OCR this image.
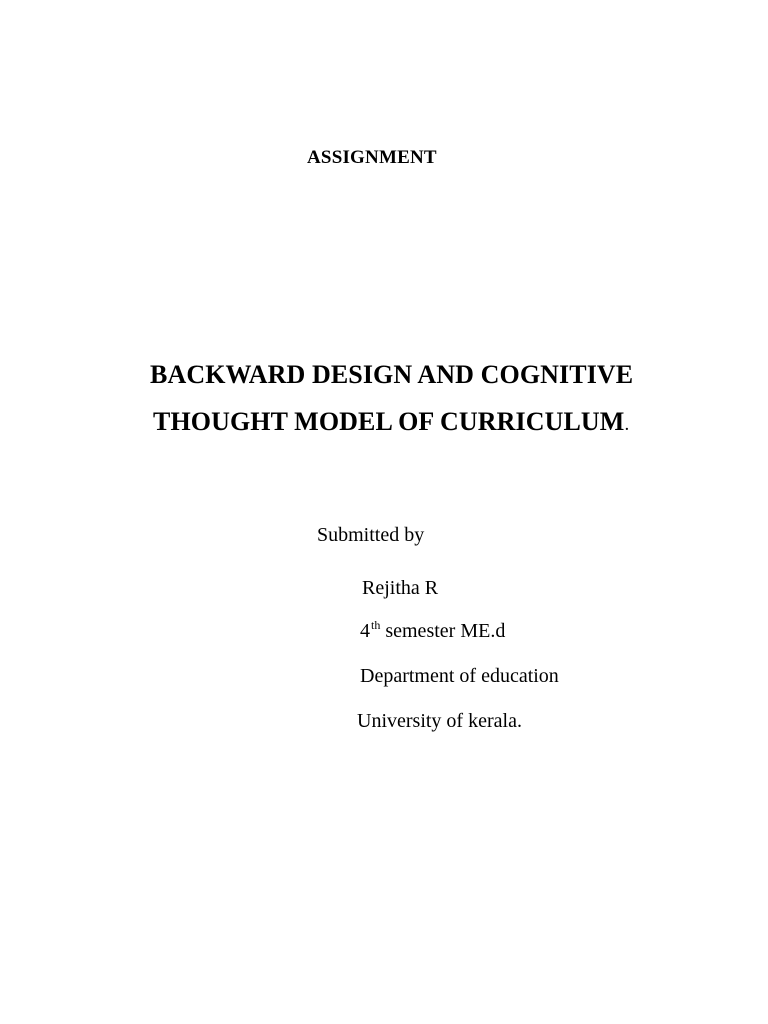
ASSIGNMENT
BACKWARD DESIGN AND COGNITIVE
THOUGHT MODEL OF CURRICULUM.
Submitted by
Rejitha R
4th semester ME.d
Department of education
University of kerala.
